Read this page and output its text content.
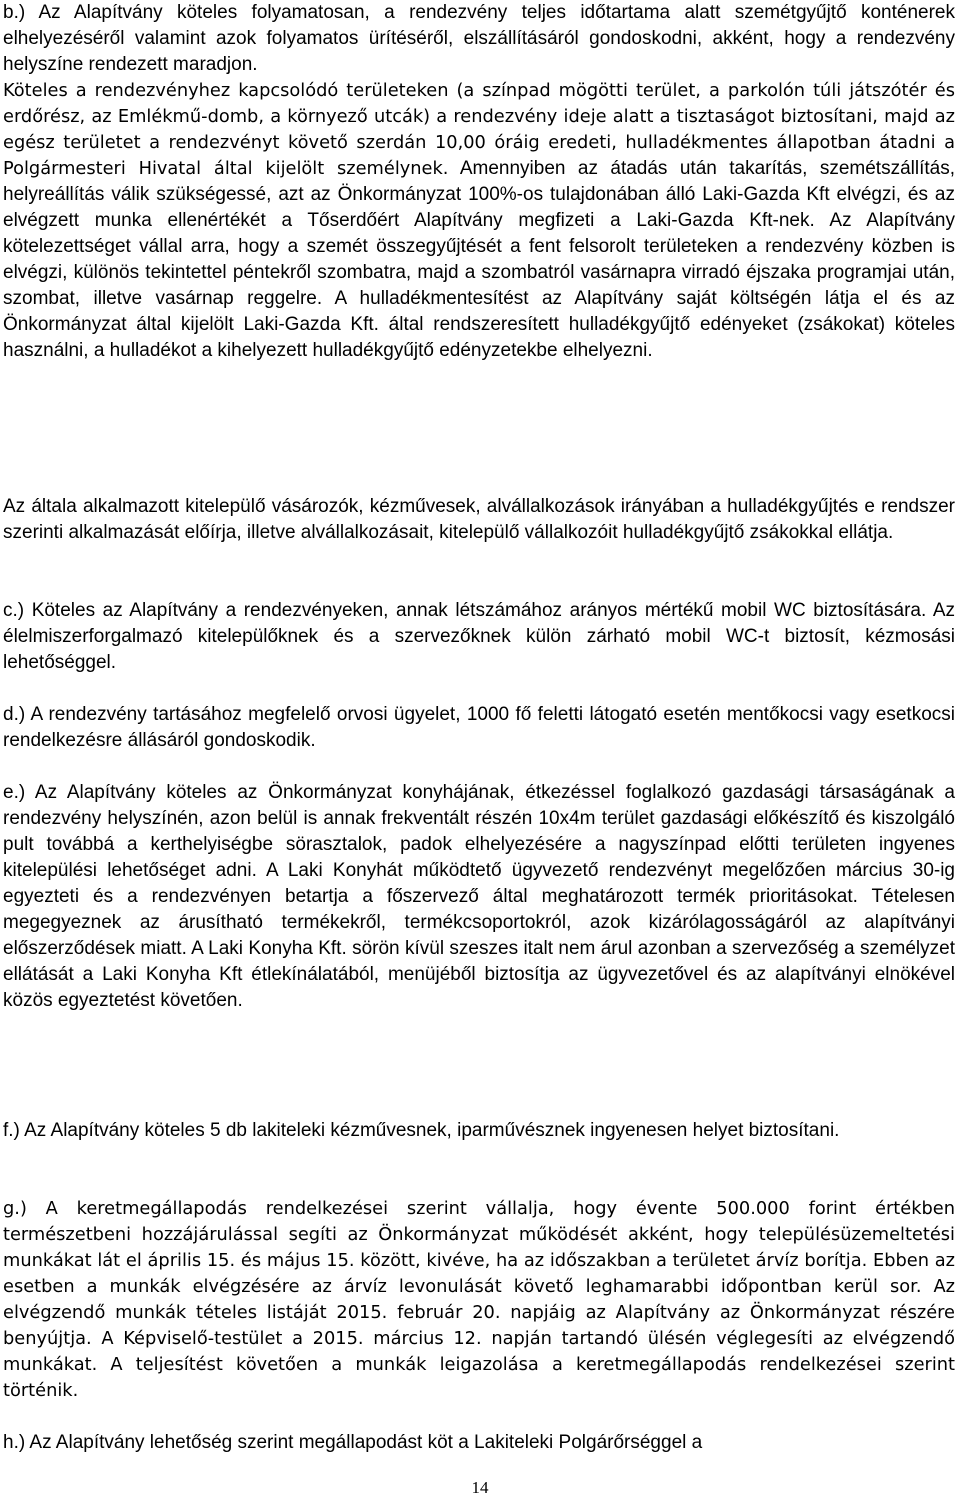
b.) Az Alapítvány köteles folyamatosan, a rendezvény teljes időtartama alatt szemétgyűjtő konténerek elhelyezéséről valamint azok folyamatos ürítéséről, elszállításáról gondoskodni, akként, hogy a rendezvény helyszíne rendezett maradjon.

Köteles a rendezvényhez kapcsolódó területeken (a színpad mögötti terület, a parkolón túli játszótér és erdőrész, az Emlékmű-domb, a környező utcák) a rendezvény ideje alatt a tisztaságot biztosítani, majd az egész területet a rendezvényt követő szerdán 10,00 óráig eredeti, hulladékmentes állapotban átadni a Polgármesteri Hivatal által kijelölt személynek. Amennyiben az átadás után takarítás, szemétszállítás, helyreállítás válik szükségessé, azt az Önkormányzat 100%-os tulajdonában álló Laki-Gazda Kft elvégzi, és az elvégzett munka ellenértékét a Tőserdőért Alapítvány megfizeti a Laki-Gazda Kft-nek. Az Alapítvány kötelezettséget vállal arra, hogy a szemét összegyűjtését a fent felsorolt területeken a rendezvény közben is elvégzi, különös tekintettel péntekről szombatra, majd a szombatról vasárnapra virradó éjszaka programjai után, szombat, illetve vasárnap reggelre. A hulladékmentesítést az Alapítvány saját költségén látja el és az Önkormányzat által kijelölt Laki-Gazda Kft. által rendszeresített hulladékgyűjtő edényeket (zsákokat) köteles használni, a hulladékot a kihelyezett hulladékgyűjtő edényzetekbe elhelyezni.

Az általa alkalmazott kitelepülő vásározók, kézművesek, alvállalkozások irányában a hulladékgyűjtés e rendszer szerinti alkalmazását előírja, illetve alvállalkozásait, kitelepülő vállalkozóit hulladékgyűjtő zsákokkal ellátja.

c.) Köteles az Alapítvány a rendezvényeken, annak létszámához arányos mértékű mobil WC biztosítására. Az élelmiszerforgalmazó kitelepülőknek és a szervezőknek külön zárható mobil WC-t biztosít, kézmosási lehetőséggel.

d.) A rendezvény tartásához megfelelő orvosi ügyelet, 1000 fő feletti látogató esetén mentőkocsi vagy esetkocsi rendelkezésre állásáról gondoskodik.

e.) Az Alapítvány köteles az Önkormányzat konyhájának, étkezéssel foglalkozó gazdasági társaságának a rendezvény helyszínén, azon belül is annak frekventált részén 10x4m terület gazdasági előkészítő és kiszolgáló pult továbbá a kerthelyiségbe sörasztalok, padok elhelyezésére a nagyszínpad előtti területen ingyenes kitelepülési lehetőséget adni. A Laki Konyhát működtető ügyvezető rendezvényt megelőzően március 30-ig egyezteti és a rendezvényen betartja a főszervező által meghatározott termék prioritásokat. Tételesen megegyeznek az árusítható termékekről, termékcsoportokról, azok kizárólagosságáról az alapítványi előszerződések miatt. A Laki Konyha Kft. sörön kívül szeszes italt nem árul azonban a szervezőség a személyzet ellátását a Laki Konyha Kft étlekínálatából, menüjéből biztosítja az ügyvezetővel és az alapítványi elnökével közös egyeztetést követően.

f.) Az Alapítvány köteles 5 db lakiteleki kézművesnek, iparművésznek ingyenesen helyet biztosítani.

g.) A keretmegállapodás rendelkezései szerint vállalja, hogy évente 500.000 forint értékben természetbeni hozzájárulással segíti az Önkormányzat működését akként, hogy településüzemeltetési munkákat lát el április 15. és május 15. között, kivéve, ha az időszakban a területet árvíz borítja. Ebben az esetben a munkák elvégzésére az árvíz levonulását követő leghamarabbi időpontban kerül sor. Az elvégzendő munkák tételes listáját 2015. február 20. napjáig az Alapítvány az Önkormányzat részére benyújtja. A Képviselő-testület a 2015. március 12. napján tartandó ülésén véglegesíti az elvégzendő munkákat. A teljesítést követően a munkák leigazolása a keretmegállapodás rendelkezései szerint történik.

h.) Az Alapítvány lehetőség szerint megállapodást köt a Lakiteleki Polgárőrséggel a

14
